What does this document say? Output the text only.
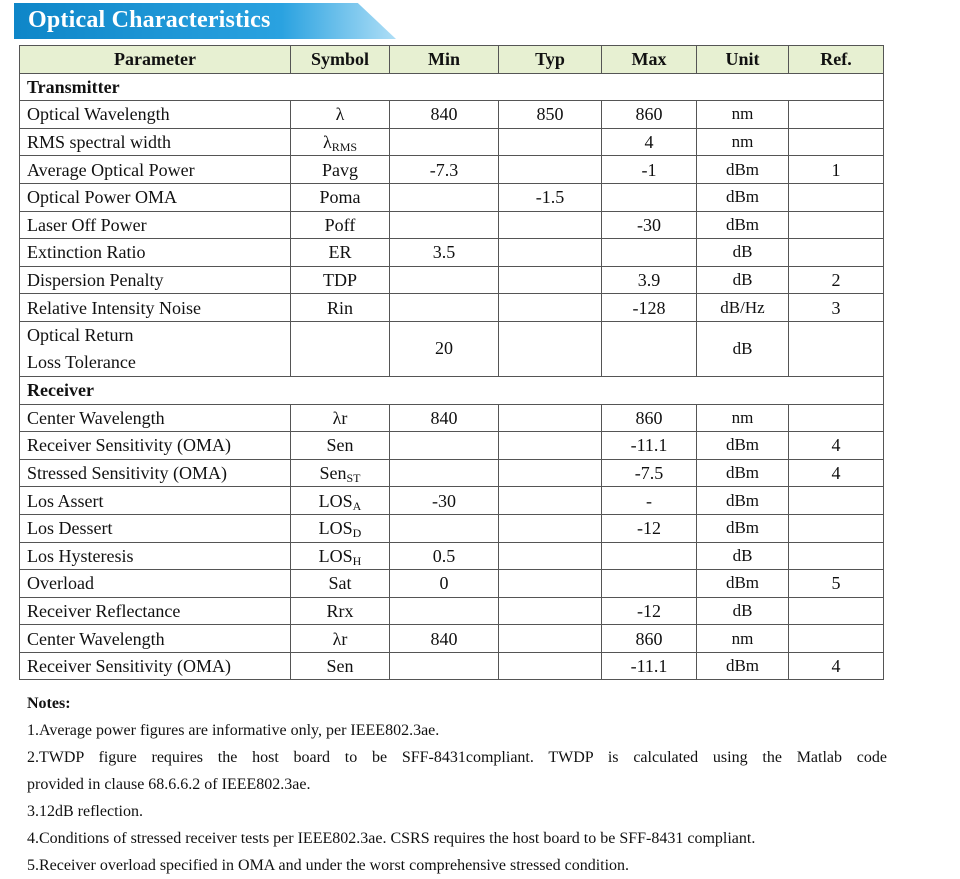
Optical Characteristics
Parameter	Symbol	Min	Typ	Max	Unit	Ref.
Transmitter						
Optical Wavelength	λ	840	850	860	nm	
RMS spectral width	$\lambda_{RMS}$			4	nm	
Average Optical Power	Pavg	-7.3		-1	dBm	1
Optical Power OMA	Poma		-1.5		dBm	
Laser Off Power	Poff			-30	dBm	
Extinction Ratio	ER	3.5			dB	
Dispersion Penalty	TDP			3.9	dB	2
Relative Intensity Noise	Rin			-128	dB/Hz	3
Optical Return
Loss Tolerance		20			dB	
Receiver						
Center Wavelength	λr	840		860	nm	
Receiver Sensitivity (OMA)	Sen			-11.1	dBm	4
Stressed Sensitivity (OMA)	Sen$_{ST}$			-7.5	dBm	4
Los Assert	$LOS_A$	-30		-	dBm	
Los Dessert	$LOS_D$			-12	dBm	
Los Hysteresis	$LOS_H$	0.5			dB	
Overload	Sat	0			dBm	5
Receiver Reflectance	Rrx			-12	dB	
Center Wavelength	λr	840		860	nm	
Receiver Sensitivity (OMA)	Sen			-11.1	dBm	4

Notes:

1.Average power figures are informative only, per IEEE802.3ae.

2.TWDP figure requires the host board to be SFF-8431compliant. TWDP is calculated using the Matlab code

provided in clause 68.6.6.2 of IEEE802.3ae.

3.12dB reflection.

4.Conditions of stressed receiver tests per IEEE802.3ae. CSRS requires the host board to be SFF-8431 compliant.

5.Receiver overload specified in OMA and under the worst comprehensive stressed condition.
